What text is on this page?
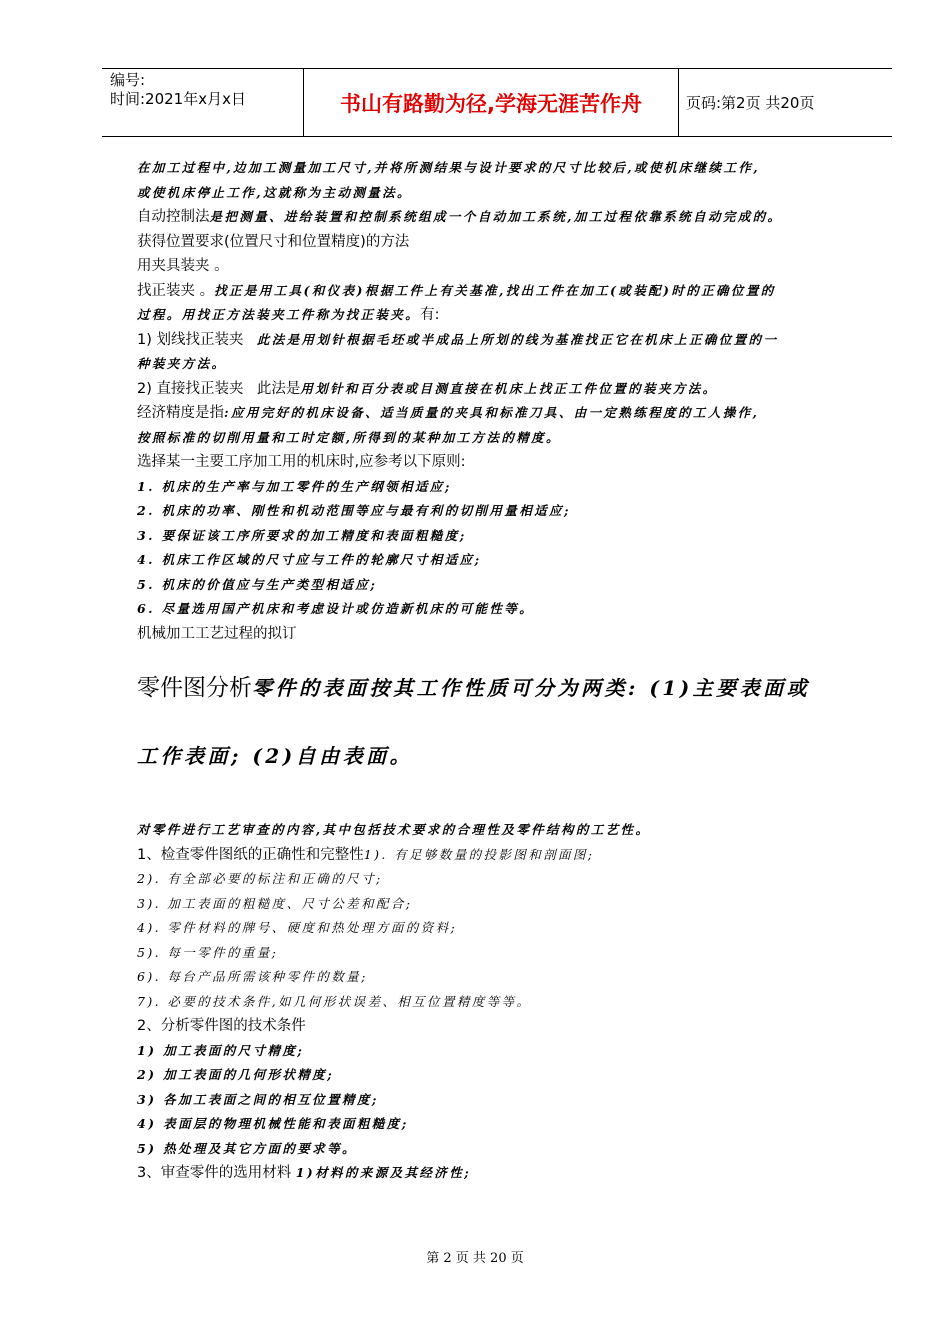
编号:
时间:2021年x月x日	书山有路勤为径,学海无涯苦作舟	页码:第2页 共20页
在加工过程中,边加工测量加工尺寸,并将所测结果与设计要求的尺寸比较后,或使机床继续工作,
或使机床停止工作,这就称为主动测量法。
自动控制法是把测量、进给装置和控制系统组成一个自动加工系统,加工过程依靠系统自动完成的。
获得位置要求(位置尺寸和位置精度)的方法
用夹具装夹 。
找正装夹 。找正是用工具(和仪表)根据工件上有关基准,找出工件在加工(或装配)时的正确位置的
过程。用找正方法装夹工件称为找正装夹。有:
1) 划线找正装夹 此法是用划针根据毛坯或半成品上所划的线为基准找正它在机床上正确位置的一
种装夹方法。
2) 直接找正装夹 此法是用划针和百分表或目测直接在机床上找正工件位置的装夹方法。
经济精度是指:应用完好的机床设备、适当质量的夹具和标准刀具、由一定熟练程度的工人操作,
按照标准的切削用量和工时定额,所得到的某种加工方法的精度。
选择某一主要工序加工用的机床时,应参考以下原则:
1. 机床的生产率与加工零件的生产纲领相适应;
2. 机床的功率、刚性和机动范围等应与最有利的切削用量相适应;
3. 要保证该工序所要求的加工精度和表面粗糙度;
4. 机床工作区域的尺寸应与工件的轮廓尺寸相适应;
5. 机床的价值应与生产类型相适应;
6. 尽量选用国产机床和考虑设计或仿造新机床的可能性等。
机械加工工艺过程的拟订
零件图分析零件的表面按其工作性质可分为两类: (1)主要表面或
工作表面; (2)自由表面。
对零件进行工艺审查的内容,其中包括技术要求的合理性及零件结构的工艺性。
1、检查零件图纸的正确性和完整性1). 有足够数量的投影图和剖面图;
2). 有全部必要的标注和正确的尺寸;
3). 加工表面的粗糙度、尺寸公差和配合;
4). 零件材料的牌号、硬度和热处理方面的资料;
5). 每一零件的重量;
6). 每台产品所需该种零件的数量;
7). 必要的技术条件,如几何形状误差、相互位置精度等等。
2、分析零件图的技术条件
1) 加工表面的尺寸精度;
2) 加工表面的几何形状精度;
3) 各加工表面之间的相互位置精度;
4) 表面层的物理机械性能和表面粗糙度;
5) 热处理及其它方面的要求等。
3、审查零件的选用材料 1)材料的来源及其经济性;
第 2 页 共 20 页
